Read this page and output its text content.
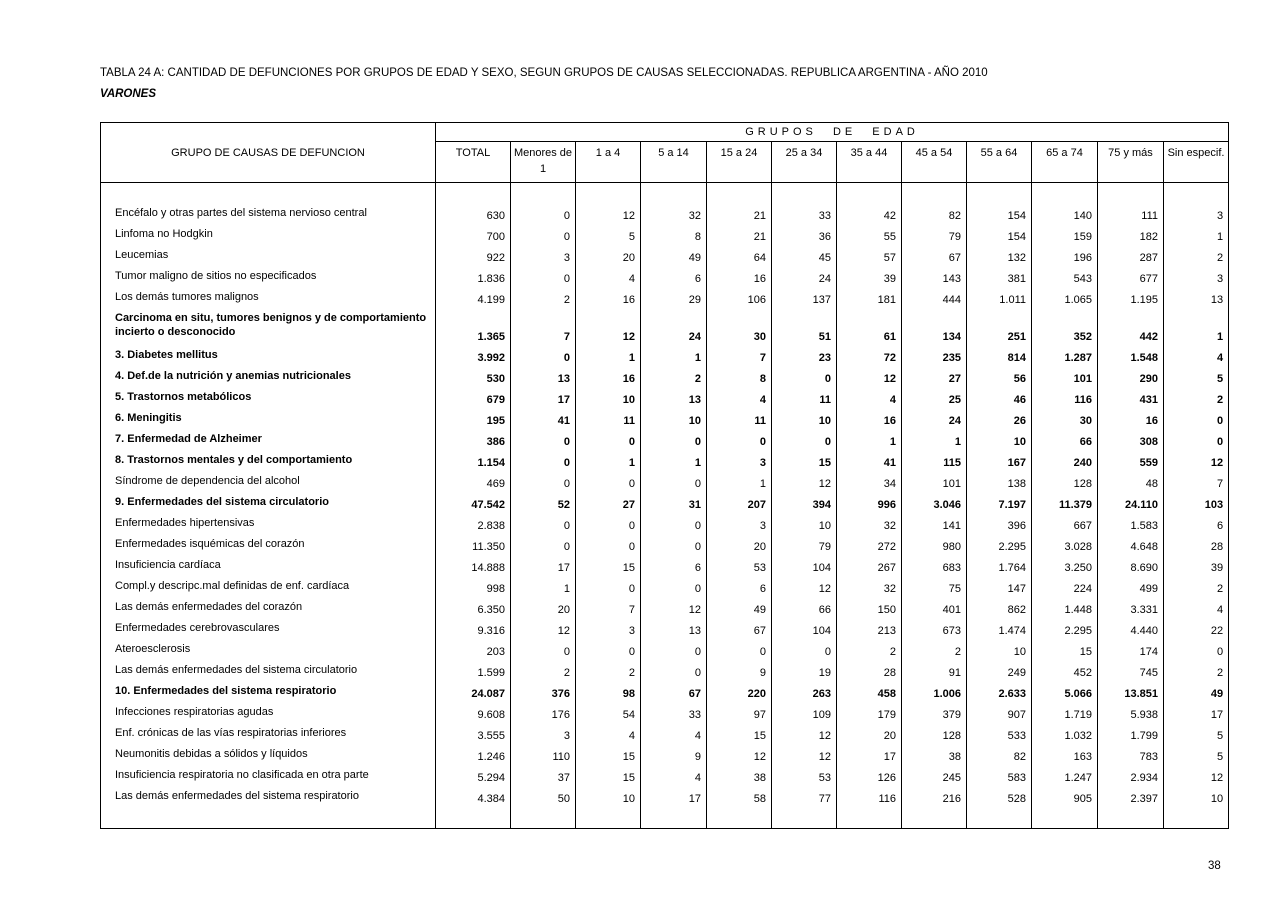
TABLA 24 A: CANTIDAD DE DEFUNCIONES POR GRUPOS DE EDAD Y SEXO, SEGUN GRUPOS DE CAUSAS SELECCIONADAS. REPUBLICA ARGENTINA - AÑO 2010
VARONES
GRUPO DE CAUSAS DE DEFUNCION	GRUPOS DE EDAD											
	TOTAL	Menores de 1	1 a 4	5 a 14	15 a 24	25 a 34	35 a 44	45 a 54	55 a 64	65 a 74	75 y más	Sin especif.

Encéfalo y otras partes del sistema nervioso central	630	0	12	32	21	33	42	82	154	140	111	3
Linfoma no Hodgkin	700	0	5	8	21	36	55	79	154	159	182	1
Leucemias	922	3	20	49	64	45	57	67	132	196	287	2
Tumor maligno de sitios no especificados	1.836	0	4	6	16	24	39	143	381	543	677	3
Los demás tumores malignos	4.199	2	16	29	106	137	181	444	1.011	1.065	1.195	13
Carcinoma en situ, tumores benignos y de comportamiento incierto o desconocido	1.365	7	12	24	30	51	61	134	251	352	442	1
3. Diabetes mellitus	3.992	0	1	1	7	23	72	235	814	1.287	1.548	4
4. Def.de la nutrición y anemias nutricionales	530	13	16	2	8	0	12	27	56	101	290	5
5. Trastornos metabólicos	679	17	10	13	4	11	4	25	46	116	431	2
6. Meningitis	195	41	11	10	11	10	16	24	26	30	16	0
7. Enfermedad de Alzheimer	386	0	0	0	0	0	1	1	10	66	308	0
8. Trastornos mentales y del comportamiento	1.154	0	1	1	3	15	41	115	167	240	559	12
Síndrome de dependencia del alcohol	469	0	0	0	1	12	34	101	138	128	48	7
9. Enfermedades del sistema circulatorio	47.542	52	27	31	207	394	996	3.046	7.197	11.379	24.110	103
Enfermedades hipertensivas	2.838	0	0	0	3	10	32	141	396	667	1.583	6
Enfermedades isquémicas del corazón	11.350	0	0	0	20	79	272	980	2.295	3.028	4.648	28
Insuficiencia cardíaca	14.888	17	15	6	53	104	267	683	1.764	3.250	8.690	39
Compl.y descripc.mal definidas de enf. cardíaca	998	1	0	0	6	12	32	75	147	224	499	2
Las demás enfermedades del corazón	6.350	20	7	12	49	66	150	401	862	1.448	3.331	4
Enfermedades cerebrovasculares	9.316	12	3	13	67	104	213	673	1.474	2.295	4.440	22
Ateroesclerosis	203	0	0	0	0	0	2	2	10	15	174	0
Las demás enfermedades del sistema circulatorio	1.599	2	2	0	9	19	28	91	249	452	745	2
10. Enfermedades del sistema respiratorio	24.087	376	98	67	220	263	458	1.006	2.633	5.066	13.851	49
Infecciones respiratorias agudas	9.608	176	54	33	97	109	179	379	907	1.719	5.938	17
Enf. crónicas de las vías respiratorias inferiores	3.555	3	4	4	15	12	20	128	533	1.032	1.799	5
Neumonitis debidas a sólidos y líquidos	1.246	110	15	9	12	12	17	38	82	163	783	5
Insuficiencia respiratoria no clasificada en otra parte	5.294	37	15	4	38	53	126	245	583	1.247	2.934	12
Las demás enfermedades del sistema respiratorio	4.384	50	10	17	58	77	116	216	528	905	2.397	10

38
